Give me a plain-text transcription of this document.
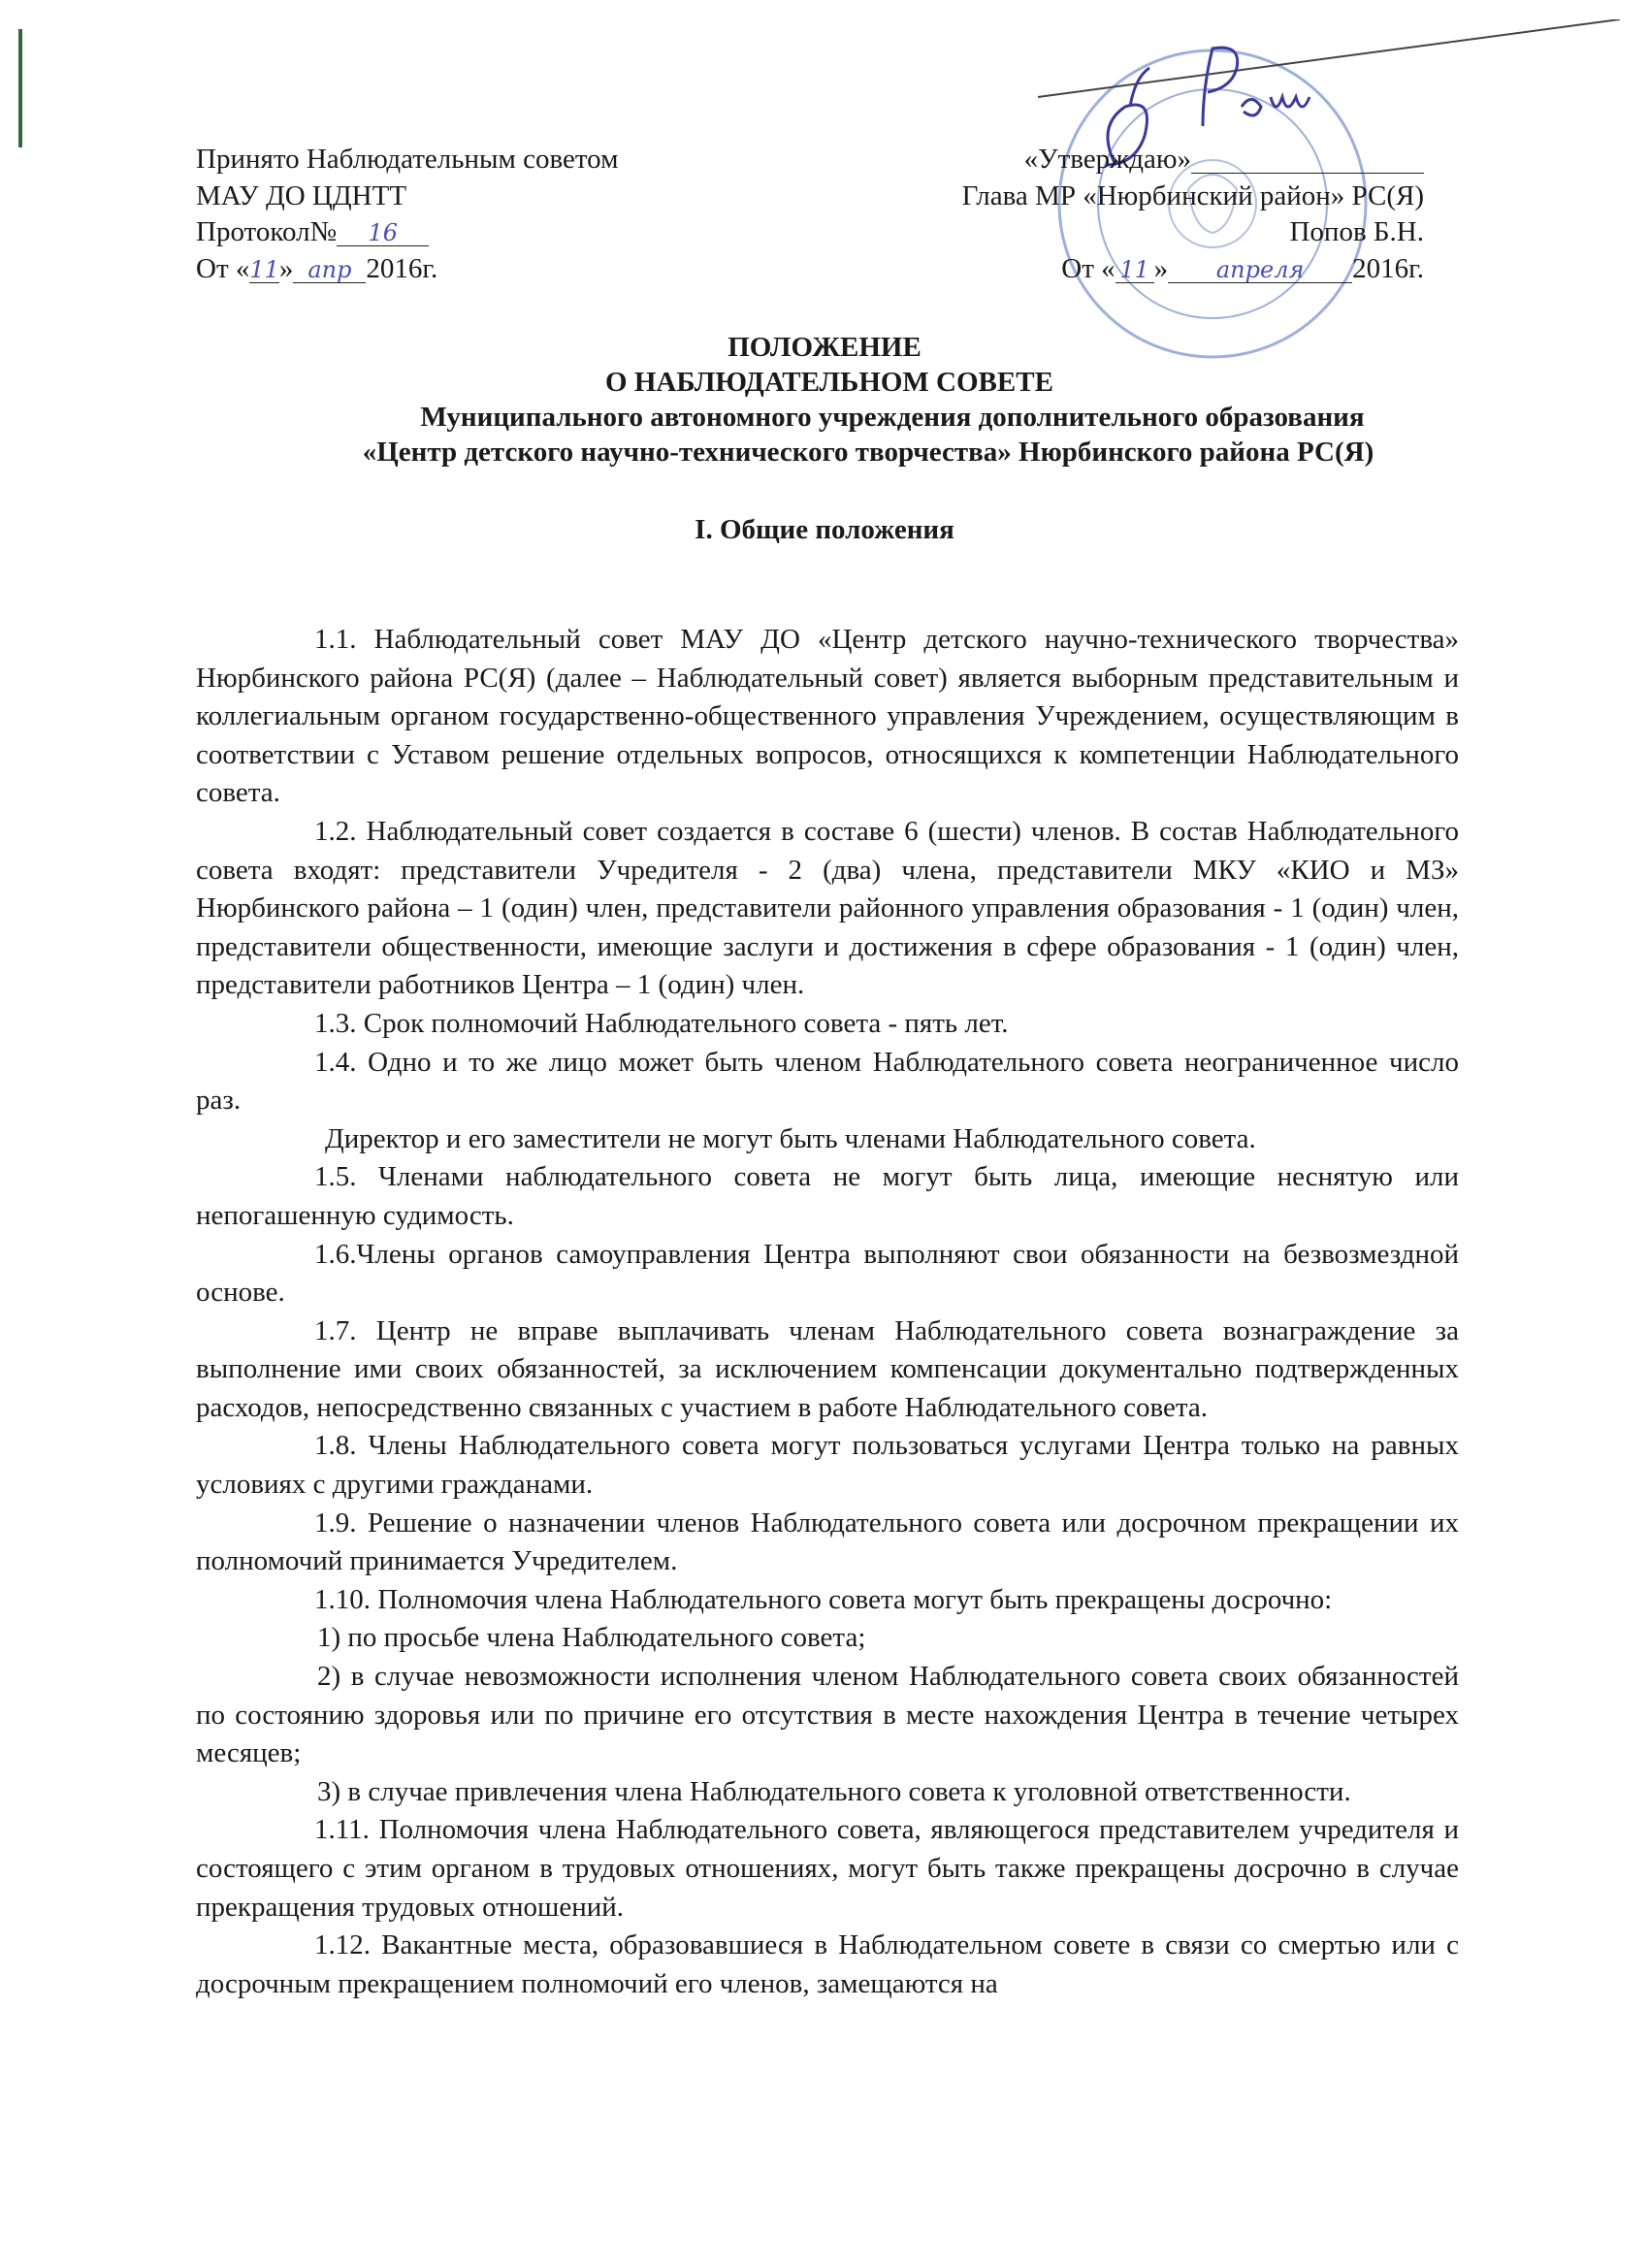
Принято Наблюдательным советом
МАУ ДО ЦДНТТ
Протокол№ 16
От «11» апр 2016г.
«Утверждаю»
Глава МР «Нюрбинский район» РС(Я)
Попов Б.Н.
От « 11 » апреля 2016г.
ПОЛОЖЕНИЕ
О НАБЛЮДАТЕЛЬНОМ СОВЕТЕ
Муниципального автономного учреждения дополнительного образования
«Центр детского научно-технического творчества» Нюрбинского района РС(Я)
I. Общие положения

1.1. Наблюдательный совет МАУ ДО «Центр детского научно-технического творчества» Нюрбинского района РС(Я) (далее – Наблюдательный совет) является выборным представительным и коллегиальным органом государственно-общественного управления Учреждением, осуществляющим в соответствии с Уставом решение отдельных вопросов, относящихся к компетенции Наблюдательного совета.

1.2. Наблюдательный совет создается в составе 6 (шести) членов. В состав Наблюдательного совета входят: представители Учредителя - 2 (два) члена, представители МКУ «КИО и МЗ» Нюрбинского района – 1 (один) член, представители районного управления образования - 1 (один) член, представители общественности, имеющие заслуги и достижения в сфере образования - 1 (один) член, представители работников Центра – 1 (один) член.

1.3. Срок полномочий Наблюдательного совета - пять лет.

1.4. Одно и то же лицо может быть членом Наблюдательного совета неограниченное число раз.

Директор и его заместители не могут быть членами Наблюдательного совета.

1.5. Членами наблюдательного совета не могут быть лица, имеющие неснятую или непогашенную судимость.

1.6.Члены органов самоуправления Центра выполняют свои обязанности на безвозмездной основе.

1.7. Центр не вправе выплачивать членам Наблюдательного совета вознаграждение за выполнение ими своих обязанностей, за исключением компенсации документально подтвержденных расходов, непосредственно связанных с участием в работе Наблюдательного совета.

1.8. Члены Наблюдательного совета могут пользоваться услугами Центра только на равных условиях с другими гражданами.

1.9. Решение о назначении членов Наблюдательного совета или досрочном прекращении их полномочий принимается Учредителем.

1.10. Полномочия члена Наблюдательного совета могут быть прекращены досрочно:

1) по просьбе члена Наблюдательного совета;

2) в случае невозможности исполнения членом Наблюдательного совета своих обязанностей по состоянию здоровья или по причине его отсутствия в месте нахождения Центра в течение четырех месяцев;

3) в случае привлечения члена Наблюдательного совета к уголовной ответственности.

1.11. Полномочия члена Наблюдательного совета, являющегося представителем учредителя и состоящего с этим органом в трудовых отношениях, могут быть также прекращены досрочно в случае прекращения трудовых отношений.

1.12. Вакантные места, образовавшиеся в Наблюдательном совете в связи со смертью или с досрочным прекращением полномочий его членов, замещаются на
